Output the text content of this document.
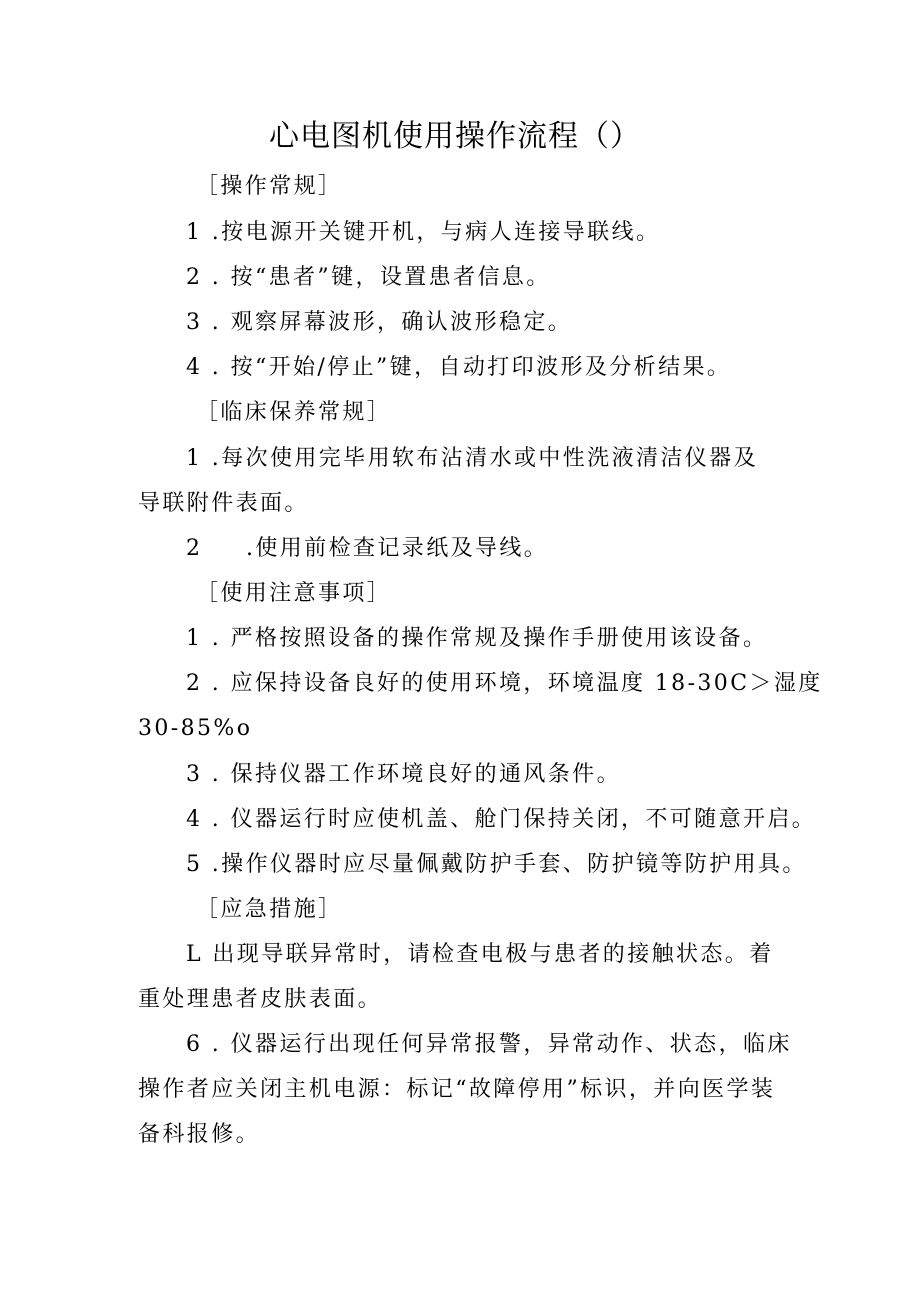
心电图机使用操作流程（）
［操作常规］
1 .按电源开关键开机，与病人连接导联线。
2 . 按“患者”键，设置患者信息。
3 . 观察屏幕波形，确认波形稳定。
4 . 按“开始/停止”键，自动打印波形及分析结果。
［临床保养常规］
1 .每次使用完毕用软布沾清水或中性洗液清洁仪器及
导联附件表面。
2 .使用前检查记录纸及导线。
［使用注意事项］
1 . 严格按照设备的操作常规及操作手册使用该设备。
2 . 应保持设备良好的使用环境，环境温度 18-30C＞湿度
30-85%o
3 . 保持仪器工作环境良好的通风条件。
4 . 仪器运行时应使机盖、舱门保持关闭，不可随意开启。
5 .操作仪器时应尽量佩戴防护手套、防护镜等防护用具。
［应急措施］
L 出现导联异常时，请检查电极与患者的接触状态。着
重处理患者皮肤表面。
6 . 仪器运行出现任何异常报警，异常动作、状态，临床
操作者应关闭主机电源：标记“故障停用”标识，并向医学装
备科报修。
